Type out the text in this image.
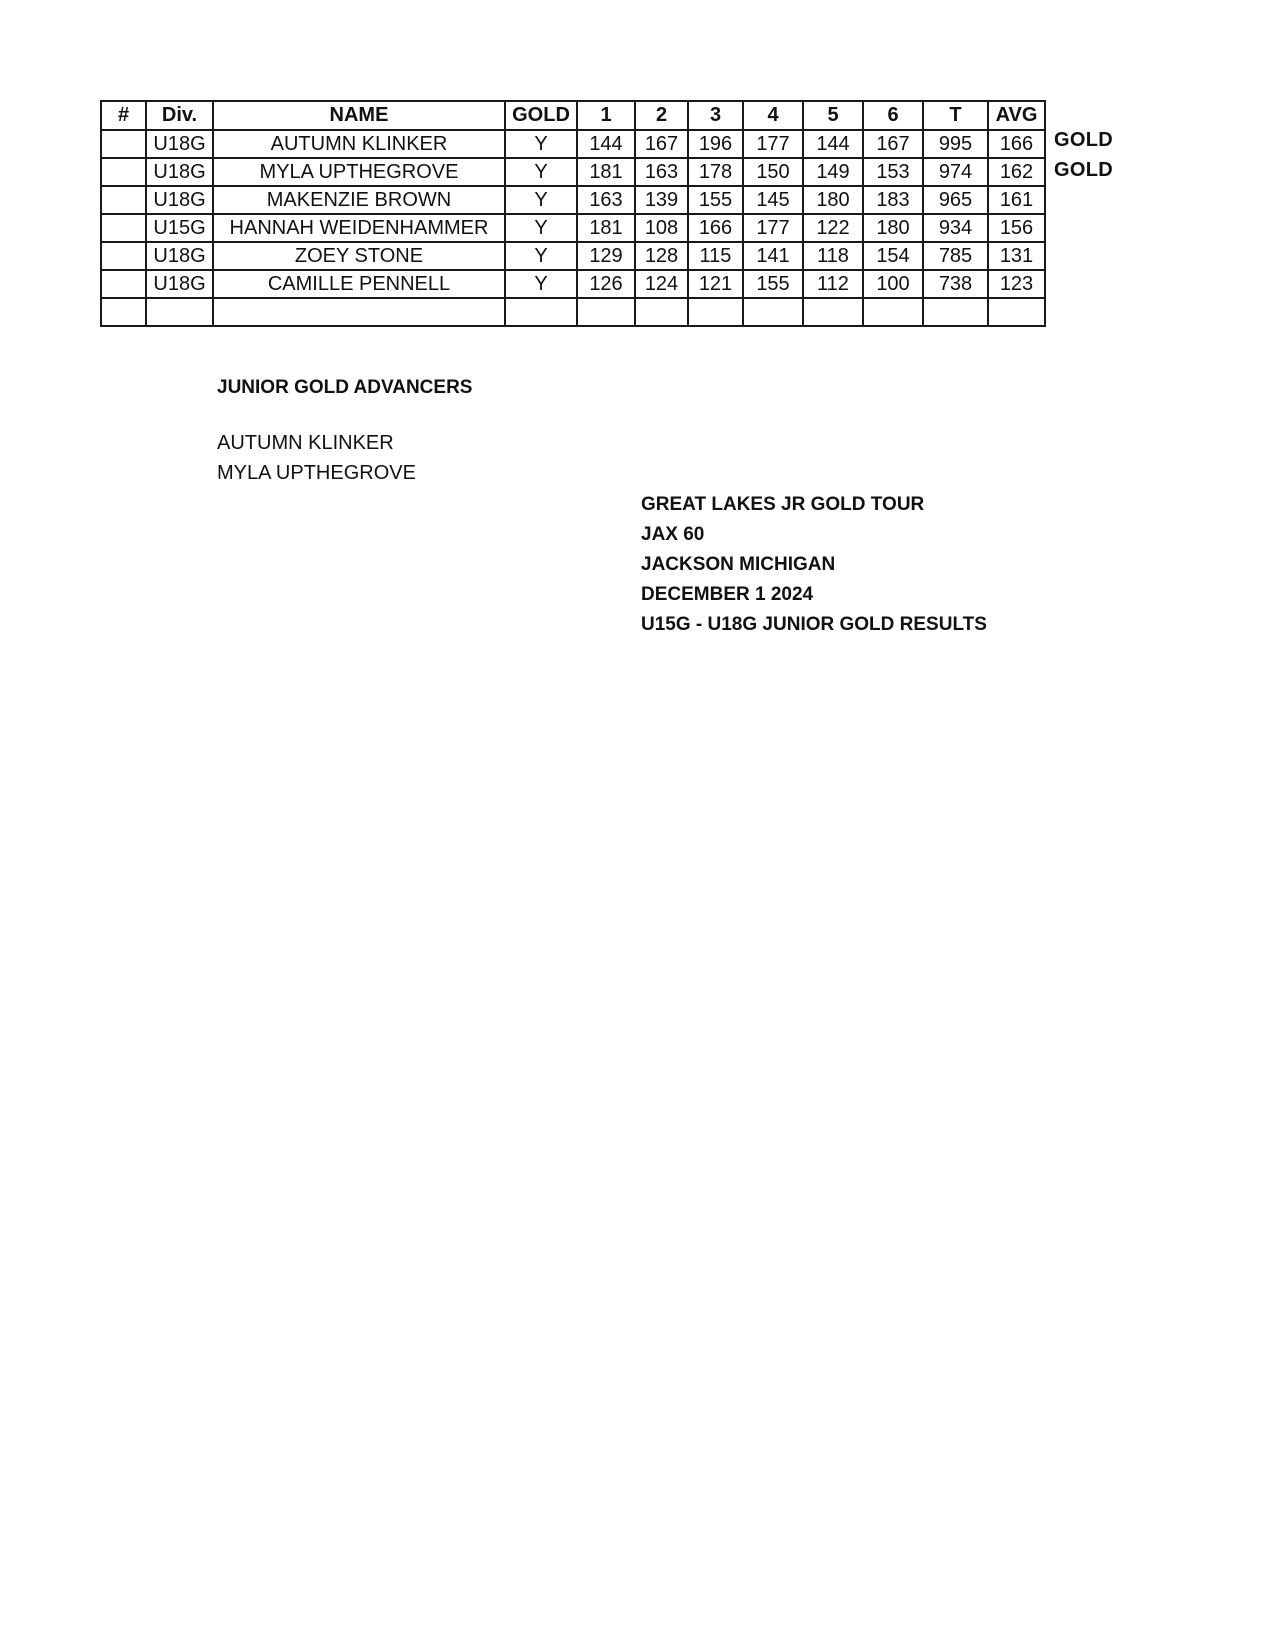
#	Div.	NAME	GOLD	1	2	3	4	5	6	T	AVG
	U18G	AUTUMN KLINKER	Y	144	167	196	177	144	167	995	166
	U18G	MYLA UPTHEGROVE	Y	181	163	178	150	149	153	974	162
	U18G	MAKENZIE BROWN	Y	163	139	155	145	180	183	965	161
	U15G	HANNAH WEIDENHAMMER	Y	181	108	166	177	122	180	934	156
	U18G	ZOEY STONE	Y	129	128	115	141	118	154	785	131
	U18G	CAMILLE PENNELL	Y	126	124	121	155	112	100	738	123

GOLD
GOLD
JUNIOR GOLD ADVANCERS
AUTUMN KLINKER
MYLA UPTHEGROVE
GREAT LAKES JR GOLD TOUR
JAX 60
JACKSON MICHIGAN
DECEMBER 1 2024
U15G - U18G JUNIOR GOLD RESULTS
